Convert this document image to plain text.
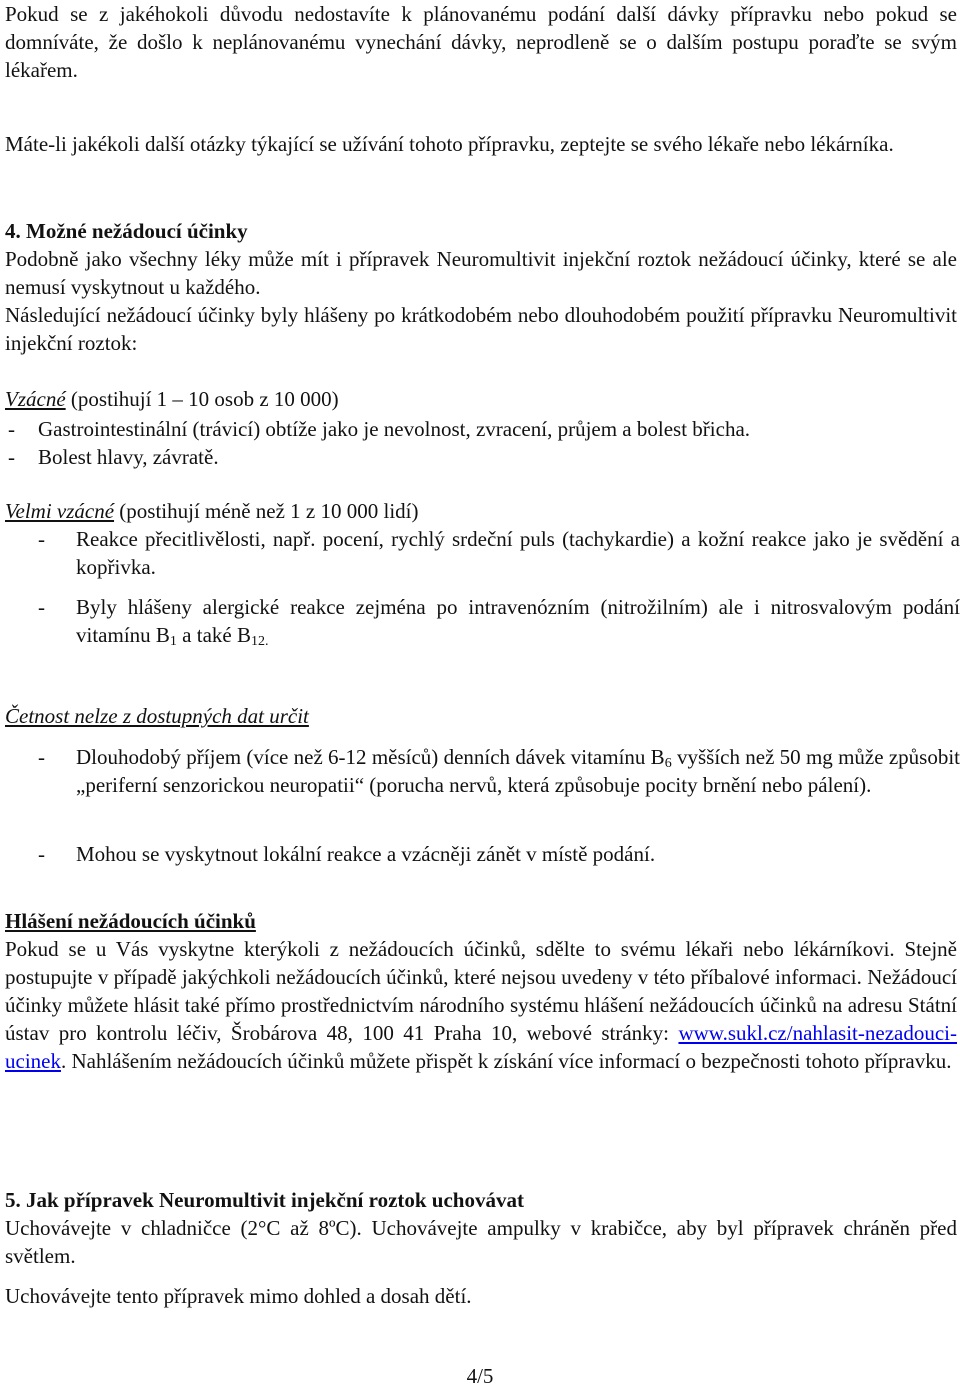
Pokud se z jakéhokoli důvodu nedostavíte k plánovanému podání další dávky přípravku nebo pokud se domníváte, že došlo k neplánovanému vynechání dávky, neprodleně se o dalším postupu poraďte se svým lékařem.

Máte-li jakékoli další otázky týkající se užívání tohoto přípravku, zeptejte se svého lékaře nebo lékárníka.

4. Možné nežádoucí účinky

Podobně jako všechny léky může mít i přípravek Neuromultivit injekční roztok nežádoucí účinky, které se ale nemusí vyskytnout u každého.

Následující nežádoucí účinky byly hlášeny po krátkodobém nebo dlouhodobém použití přípravku Neuromultivit injekční roztok:

Vzácné (postihují 1 – 10 osob z 10 000)

-	Gastrointestinální (trávicí) obtíže jako je nevolnost, zvracení, průjem a bolest břicha.
-	Bolest hlavy, závratě.

Velmi vzácné (postihují méně než 1 z 10 000 lidí)

-	Reakce přecitlivělosti, např. pocení, rychlý srdeční puls (tachykardie) a kožní reakce jako je svědění a kopřivka.
-	Byly hlášeny alergické reakce zejména po intravenózním (nitrožilním) ale i nitrosvalovým podání vitamínu $B_1$ a také $B_{12.}$

Četnost nelze z dostupných dat určit

-	Dlouhodobý příjem (více než 6-12 měsíců) denních dávek vitamínu $B_6$ vyšších než 50 mg může způsobit „periferní senzorickou neuropatii“ (porucha nervů, která způsobuje pocity brnění nebo pálení).
-	Mohou se vyskytnout lokální reakce a vzácněji zánět v místě podání.

Hlášení nežádoucích účinků

Pokud se u Vás vyskytne kterýkoli z nežádoucích účinků, sdělte to svému lékaři nebo lékárníkovi. Stejně postupujte v případě jakýchkoli nežádoucích účinků, které nejsou uvedeny v této příbalové informaci. Nežádoucí účinky můžete hlásit také přímo prostřednictvím národního systému hlášení nežádoucích účinků na adresu Státní ústav pro kontrolu léčiv, Šrobárova 48, 100 41 Praha 10, webové stránky: www.sukl.cz/nahlasit-nezadouci-ucinek. Nahlášením nežádoucích účinků můžete přispět k získání více informací o bezpečnosti tohoto přípravku.

5. Jak přípravek Neuromultivit injekční roztok uchovávat

Uchovávejte v chladničce (2°C až 8ºC). Uchovávejte ampulky v krabičce, aby byl přípravek chráněn před světlem.

Uchovávejte tento přípravek mimo dohled a dosah dětí.

4/5
